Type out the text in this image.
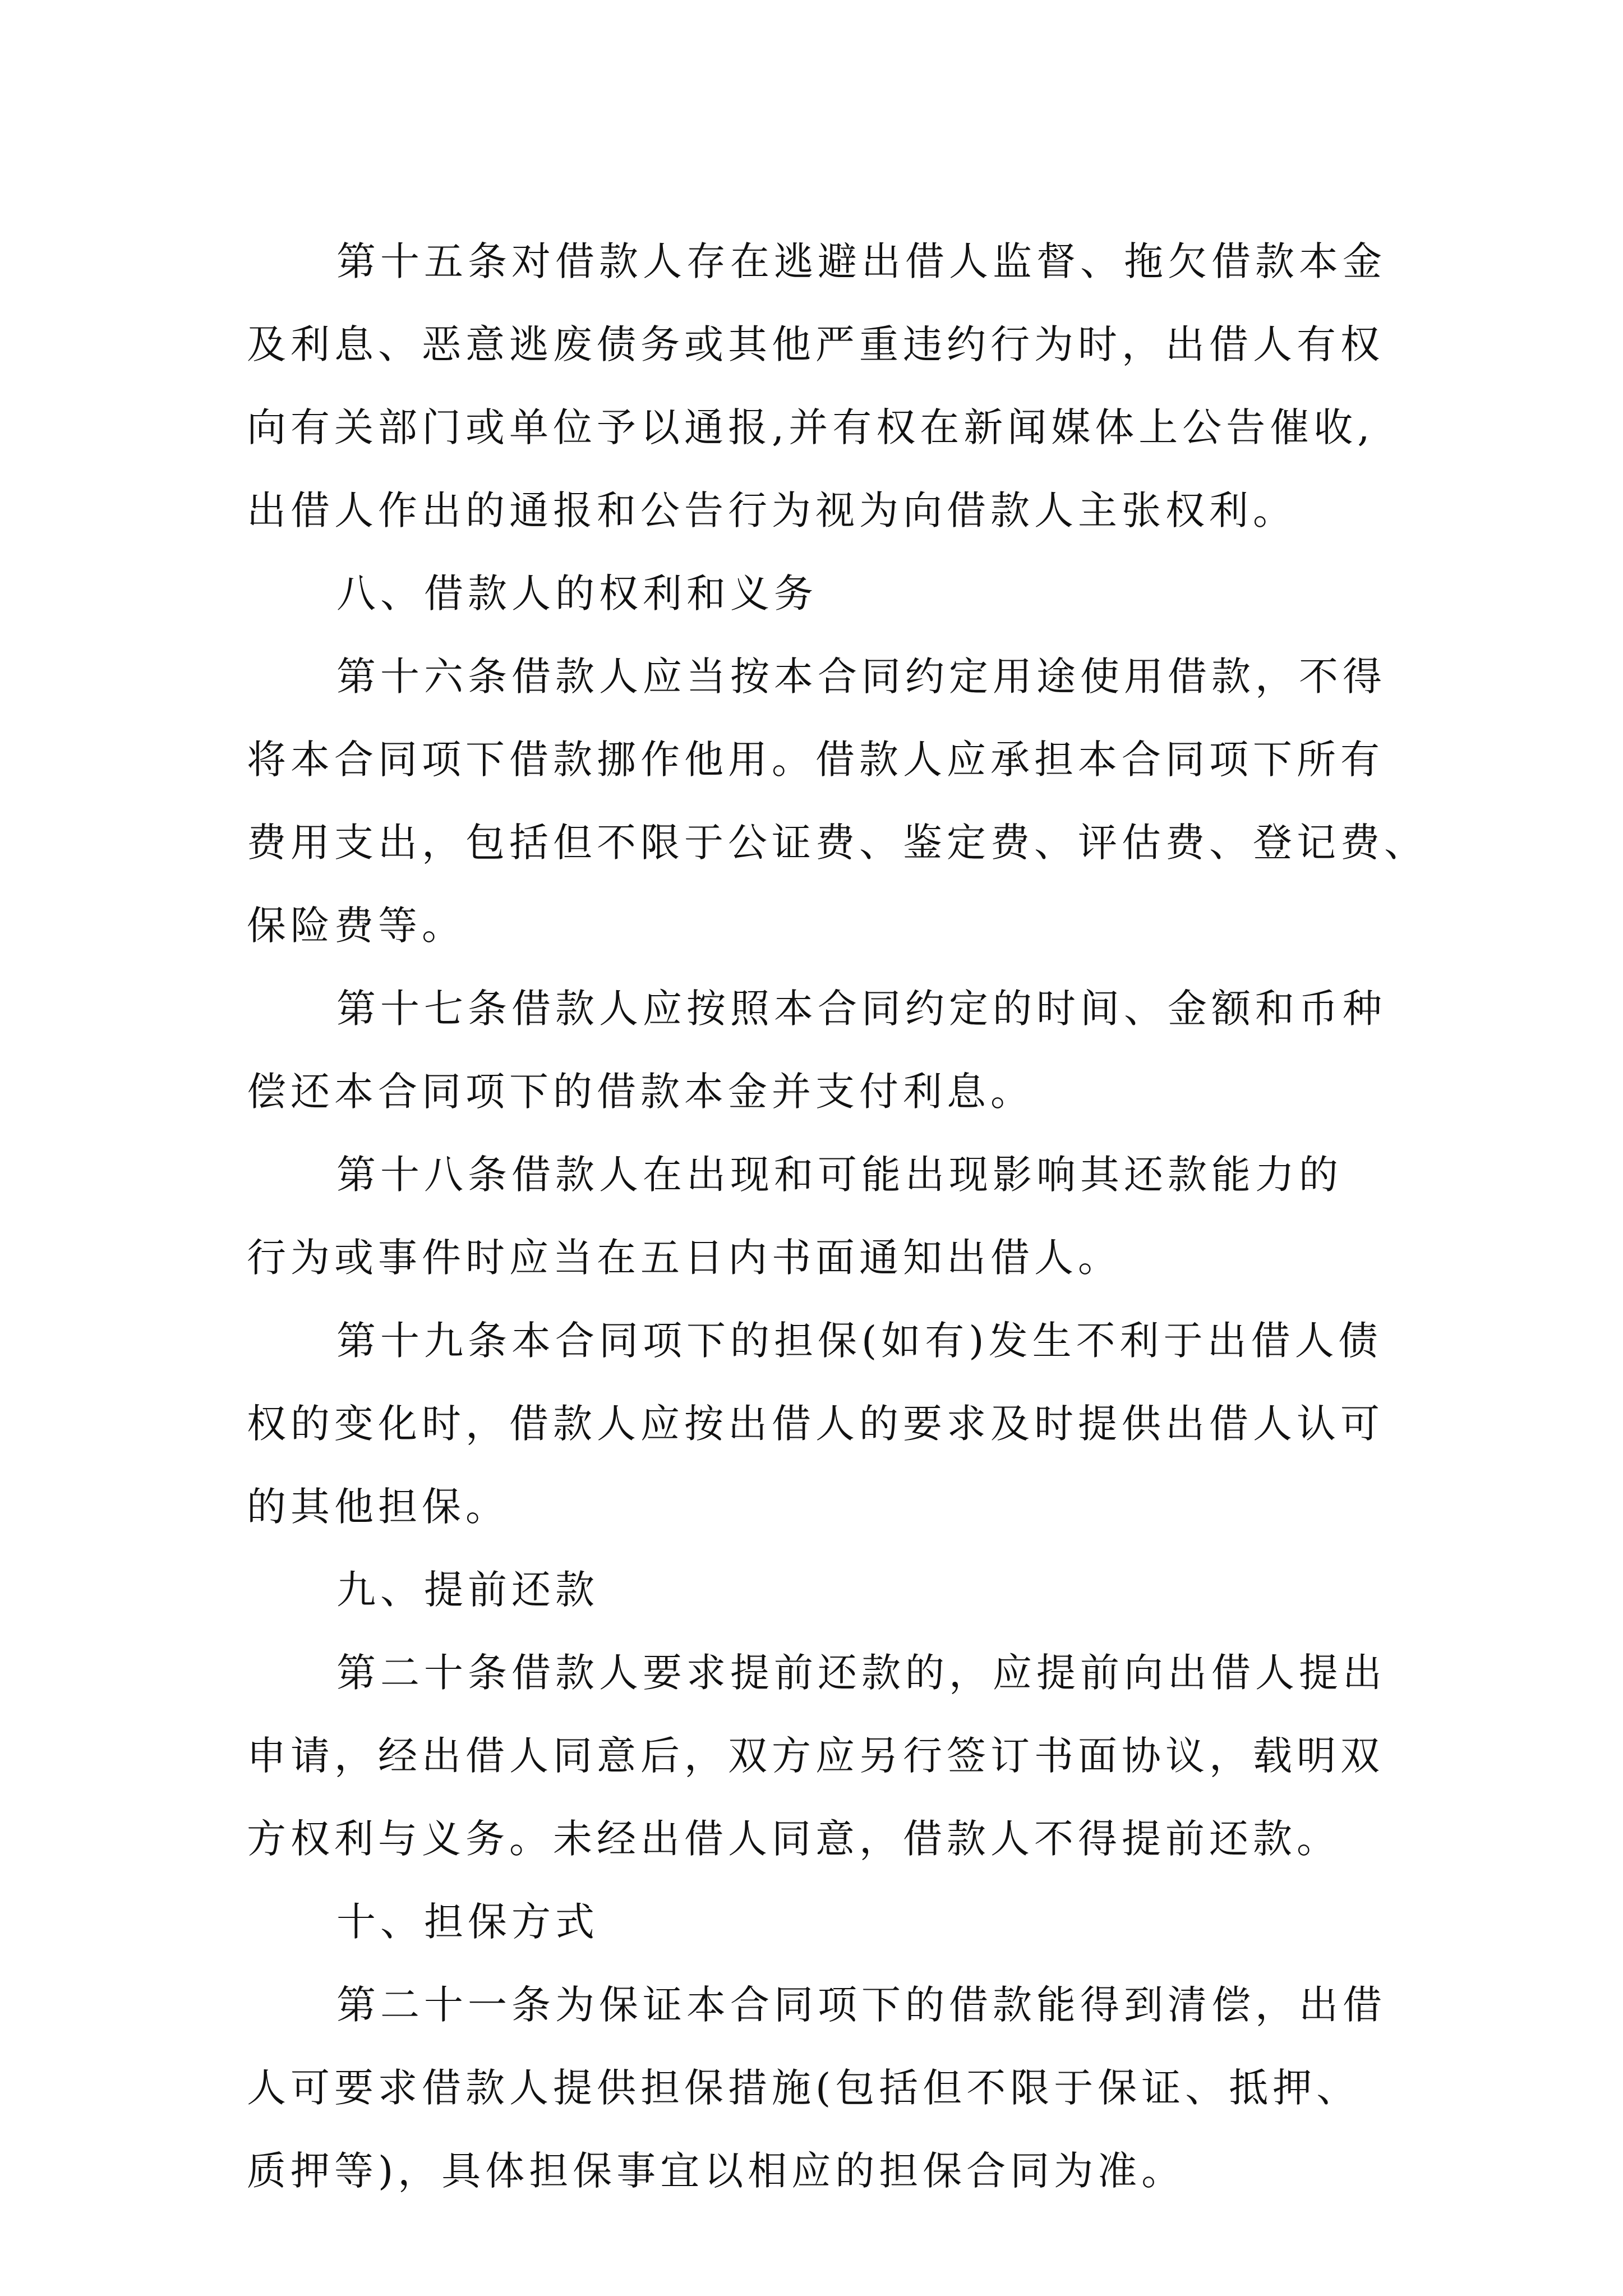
第十五条对借款人存在逃避出借人监督、拖欠借款本金
及利息、恶意逃废债务或其他严重违约行为时，出借人有权
向有关部门或单位予以通报,并有权在新闻媒体上公告催收,
出借人作出的通报和公告行为视为向借款人主张权利。
八、借款人的权利和义务
第十六条借款人应当按本合同约定用途使用借款，不得
将本合同项下借款挪作他用。借款人应承担本合同项下所有
费用支出，包括但不限于公证费、鉴定费、评估费、登记费、
保险费等。
第十七条借款人应按照本合同约定的时间、金额和币种
偿还本合同项下的借款本金并支付利息。
第十八条借款人在出现和可能出现影响其还款能力的
行为或事件时应当在五日内书面通知出借人。
第十九条本合同项下的担保(如有)发生不利于出借人债
权的变化时，借款人应按出借人的要求及时提供出借人认可
的其他担保。
九、提前还款
第二十条借款人要求提前还款的，应提前向出借人提出
申请，经出借人同意后，双方应另行签订书面协议，载明双
方权利与义务。未经出借人同意，借款人不得提前还款。
十、担保方式
第二十一条为保证本合同项下的借款能得到清偿，出借
人可要求借款人提供担保措施(包括但不限于保证、抵押、
质押等)，具体担保事宜以相应的担保合同为准。
